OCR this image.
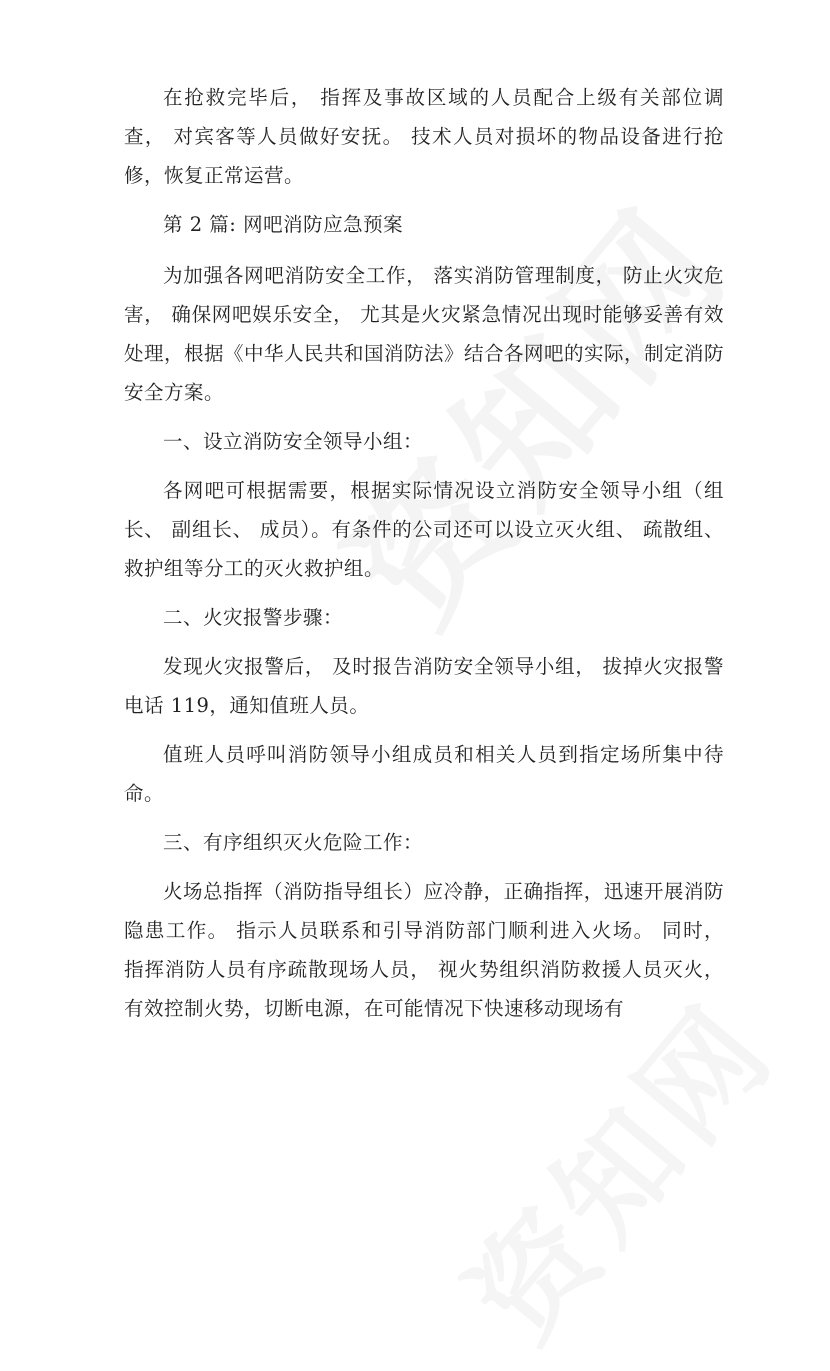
在抢救完毕后， 指挥及事故区域的人员配合上级有关部位调查， 对宾客等人员做好安抚。 技术人员对损坏的物品设备进行抢修，恢复正常运营。

第 2 篇: 网吧消防应急预案

为加强各网吧消防安全工作， 落实消防管理制度， 防止火灾危害， 确保网吧娱乐安全， 尤其是火灾紧急情况出现时能够妥善有效处理，根据《中华人民共和国消防法》结合各网吧的实际，制定消防安全方案。

一、设立消防安全领导小组：

各网吧可根据需要，根据实际情况设立消防安全领导小组（组长、 副组长、 成员）。有条件的公司还可以设立灭火组、 疏散组、救护组等分工的灭火救护组。

二、火灾报警步骤：

发现火灾报警后， 及时报告消防安全领导小组， 拔掉火灾报警电话 119，通知值班人员。

值班人员呼叫消防领导小组成员和相关人员到指定场所集中待命。

三、有序组织灭火危险工作：

火场总指挥（消防指导组长）应冷静，正确指挥，迅速开展消防隐患工作。 指示人员联系和引导消防部门顺利进入火场。 同时， 指挥消防人员有序疏散现场人员， 视火势组织消防救援人员灭火，有效控制火势，切断电源，在可能情况下快速移动现场有
